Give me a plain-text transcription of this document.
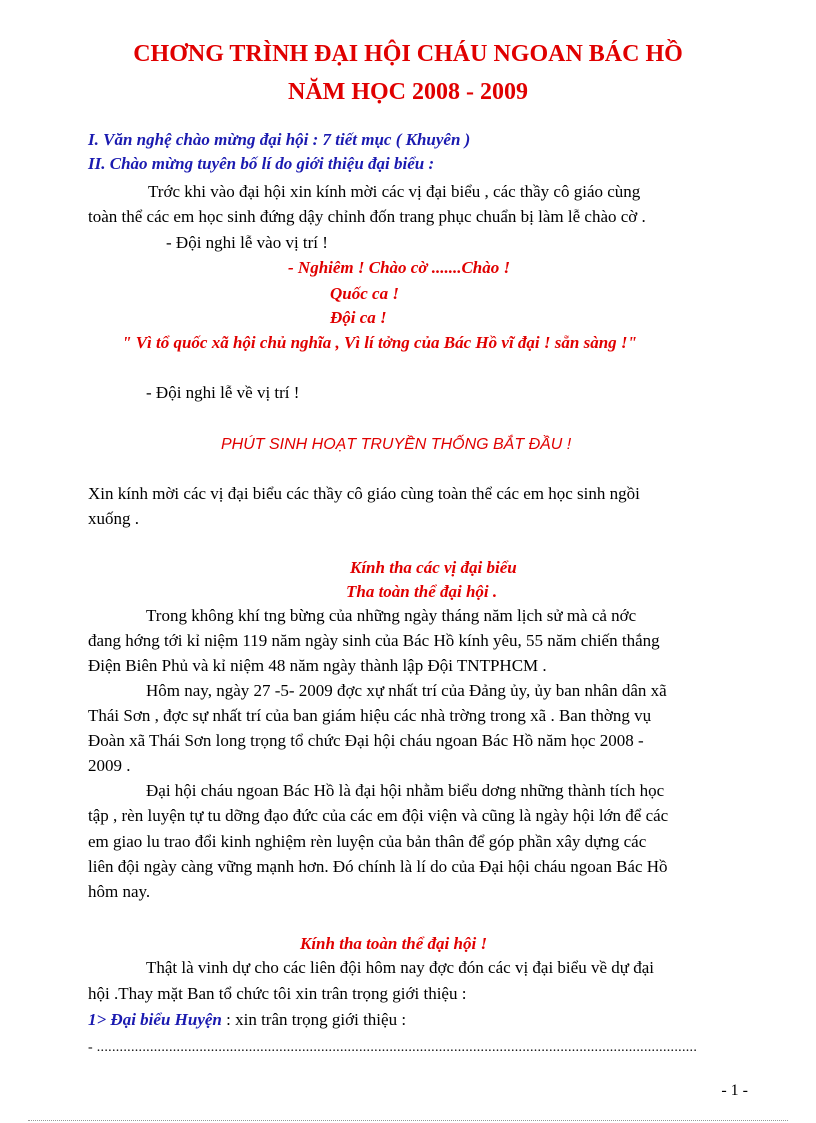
CHƠNG TRÌNH ĐẠI HỘI CHÁU NGOAN BÁC HỒ
NĂM HỌC 2008 - 2009
I. Văn nghệ chào mừng đại hội : 7 tiết mục ( Khuyên )
II. Chào mừng tuyên bố lí do giới thiệu đại biểu :
Trớc khi vào đại hội xin kính mời các vị đại biểu , các thầy cô giáo cùng
toàn thể các em học sinh đứng dậy chỉnh đốn trang phục chuẩn bị làm lễ chào cờ .
- Đội nghi lễ vào vị trí !
- Nghiêm ! Chào cờ .......Chào !
Quốc ca !
Đội ca !
" Vì tổ quốc xã hội chủ nghĩa , Vì lí tởng của Bác Hồ vĩ đại ! sẵn sàng !"
- Đội nghi lễ về vị trí !
PHÚT SINH HOẠT TRUYỀN THỐNG BẮT ĐẦU !
Xin kính mời các vị đại biểu các thầy cô giáo cùng toàn thể các em học sinh ngồi
xuống .
Kính tha các vị đại biểu
Tha toàn thể đại hội .
Trong không khí tng bừng của những ngày tháng năm lịch sử mà cả nớc
đang hớng tới kỉ niệm 119 năm ngày sinh của Bác Hồ kính yêu, 55 năm chiến thắng
Điện Biên Phủ và kỉ niệm 48 năm ngày thành lập Đội TNTPHCM .
Hôm nay, ngày 27 -5- 2009 đợc xự nhất trí của Đảng ủy, ủy ban nhân dân xã
Thái Sơn , đợc sự nhất trí của ban giám hiệu các nhà trờng trong xã . Ban thờng vụ
Đoàn xã Thái Sơn long trọng tổ chức Đại hội cháu ngoan Bác Hồ năm học 2008 -
2009 .
Đại hội cháu ngoan Bác Hồ là đại hội nhằm biểu dơng những thành tích học
tập , rèn luyện tự tu dỡng đạo đức của các em đội viện và cũng là ngày hội lớn để các
em giao lu trao đổi kinh nghiệm rèn luyện của bản thân để góp phần xây dựng các
liên đội ngày càng vững mạnh hơn. Đó chính là lí do của Đại hội cháu ngoan Bác Hồ
hôm nay.
Kính tha toàn thể đại hội !
Thật là vinh dự cho các liên đội hôm nay đợc đón các vị đại biểu về dự đại
hội .Thay mặt Ban tổ chức tôi xin trân trọng giới thiệu :
1> Đại biểu Huyện : xin trân trọng giới thiệu :
- ..............................................................................................................................................................
- 1 -
